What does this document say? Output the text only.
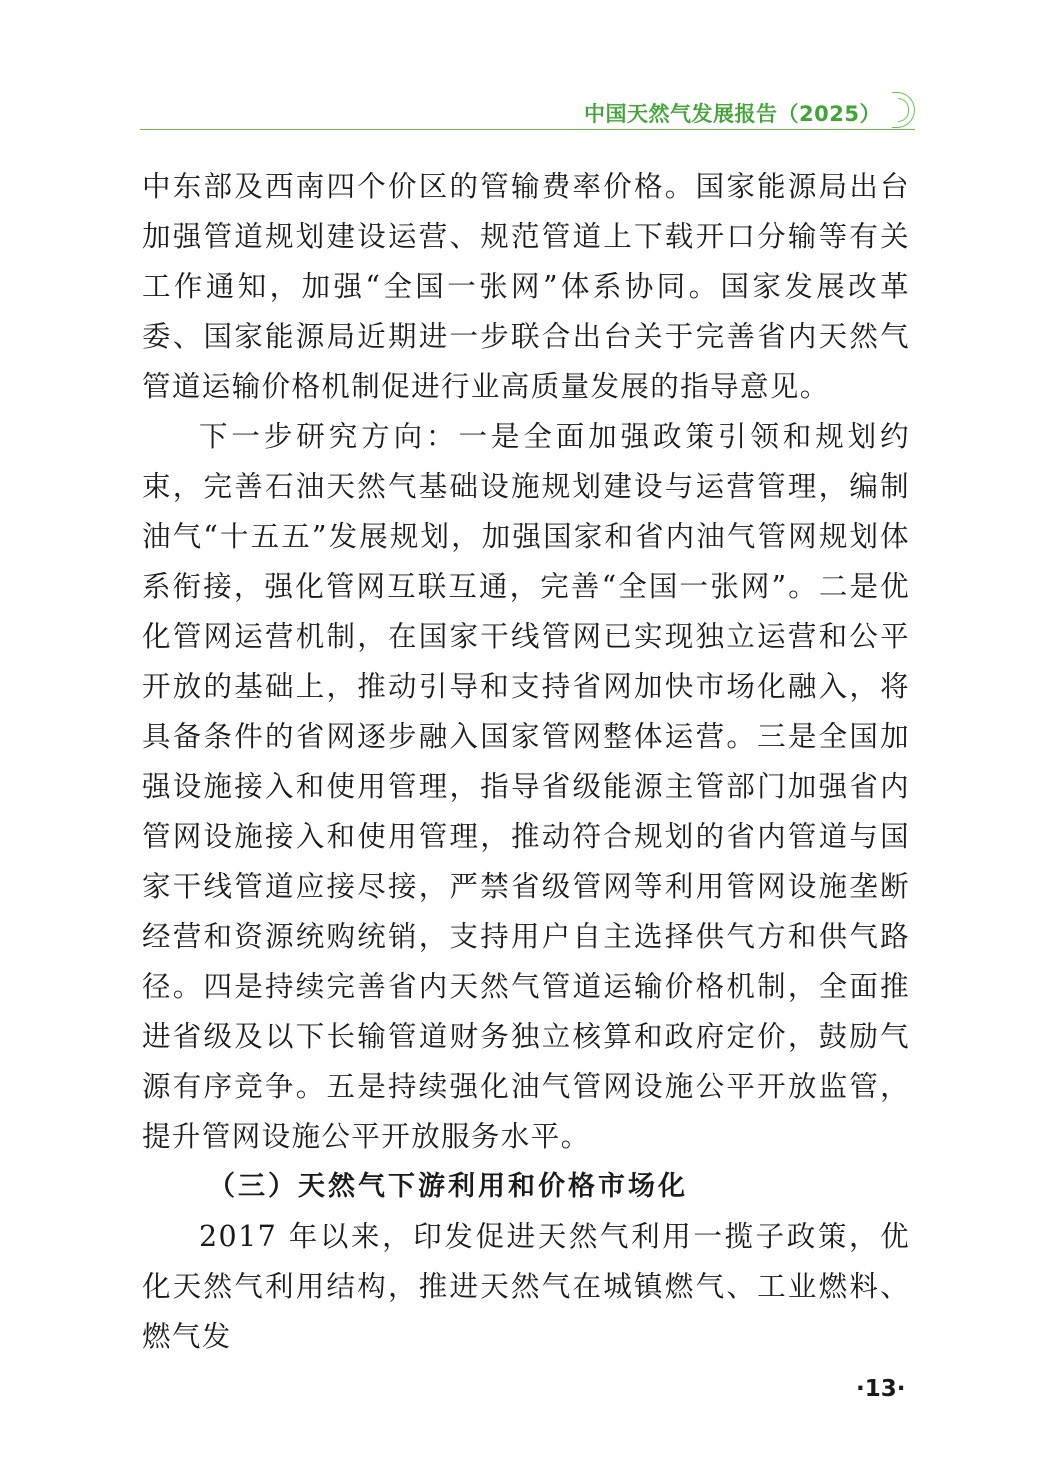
中国天然气发展报告（2025）

中东部及西南四个价区的管输费率价格。国家能源局出台加强管道规划建设运营、规范管道上下载开口分输等有关工作通知，加强“全国一张网”体系协同。国家发展改革委、国家能源局近期进一步联合出台关于完善省内天然气管道运输价格机制促进行业高质量发展的指导意见。

下一步研究方向：一是全面加强政策引领和规划约束，完善石油天然气基础设施规划建设与运营管理，编制油气“十五五”发展规划，加强国家和省内油气管网规划体系衔接，强化管网互联互通，完善“全国一张网”。二是优化管网运营机制，在国家干线管网已实现独立运营和公平开放的基础上，推动引导和支持省网加快市场化融入，将具备条件的省网逐步融入国家管网整体运营。三是全国加强设施接入和使用管理，指导省级能源主管部门加强省内管网设施接入和使用管理，推动符合规划的省内管道与国家干线管道应接尽接，严禁省级管网等利用管网设施垄断经营和资源统购统销，支持用户自主选择供气方和供气路径。四是持续完善省内天然气管道运输价格机制，全面推进省级及以下长输管道财务独立核算和政府定价，鼓励气源有序竞争。五是持续强化油气管网设施公平开放监管，提升管网设施公平开放服务水平。

（三）天然气下游利用和价格市场化

2017 年以来，印发促进天然气利用一揽子政策，优化天然气利用结构，推进天然气在城镇燃气、工业燃料、燃气发

·13·
